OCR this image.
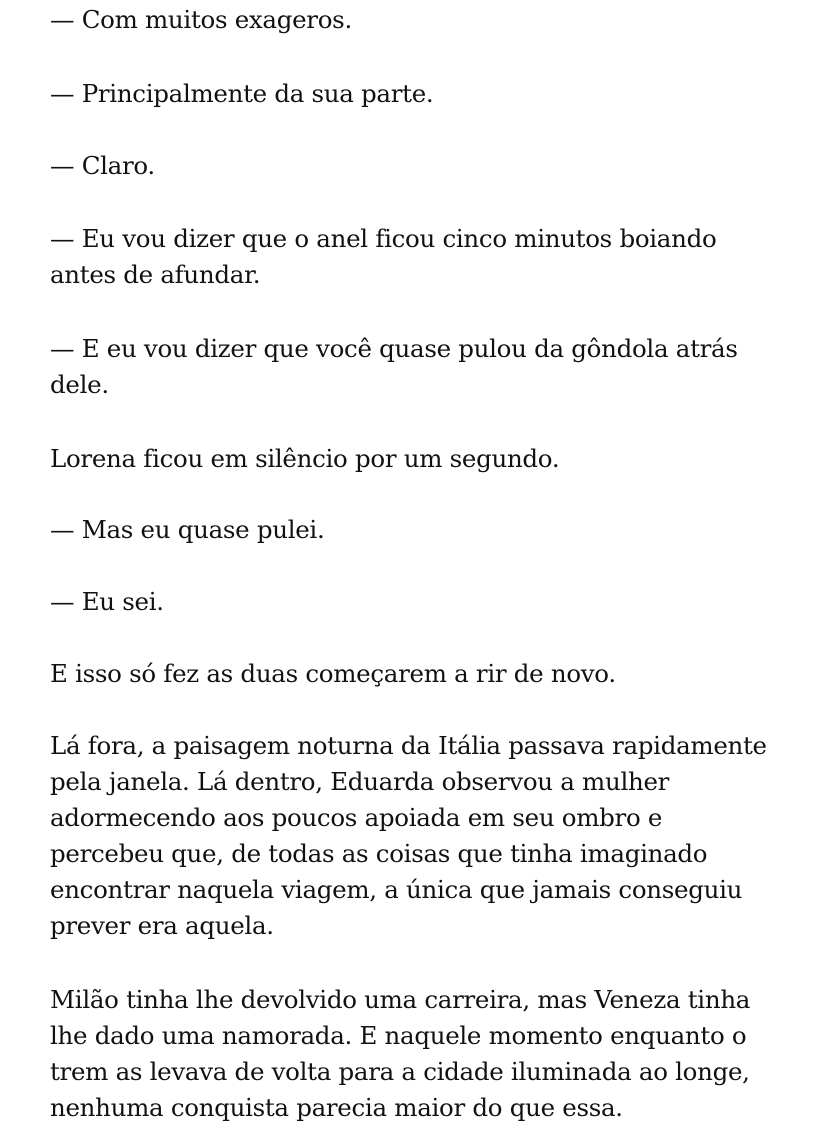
— Com muitos exageros.

— Principalmente da sua parte.

— Claro.

— Eu vou dizer que o anel ficou cinco minutos boiando
antes de afundar.

— E eu vou dizer que você quase pulou da gôndola atrás
dele.

Lorena ficou em silêncio por um segundo.

— Mas eu quase pulei.

— Eu sei.

E isso só fez as duas começarem a rir de novo.

Lá fora, a paisagem noturna da Itália passava rapidamente
pela janela. Lá dentro, Eduarda observou a mulher
adormecendo aos poucos apoiada em seu ombro e
percebeu que, de todas as coisas que tinha imaginado
encontrar naquela viagem, a única que jamais conseguiu
prever era aquela.

Milão tinha lhe devolvido uma carreira, mas Veneza tinha
lhe dado uma namorada. E naquele momento enquanto o
trem as levava de volta para a cidade iluminada ao longe,
nenhuma conquista parecia maior do que essa.
